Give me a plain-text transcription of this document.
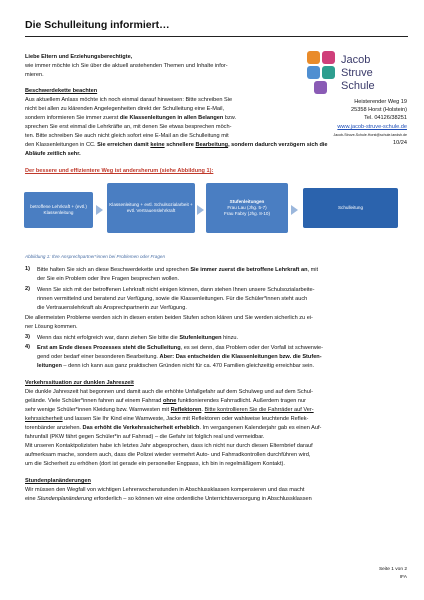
Die Schulleitung informiert…
Jacob
Struve
Schule
Heisterender Weg 19
25358 Horst (Holstein)
Tel. 04126/38251
www.jacob-struve-schule.de
Jacob-Struve-Schule.Horst@schule.landsh.de
10/24
Liebe Eltern und Erziehungsberechtigte,
wie immer möchte ich Sie über die aktuell anstehenden Themen und Inhalte infor-
mieren.
Beschwerdekette beachten
Aus aktuellem Anlass möchte ich noch einmal darauf hinweisen: Bitte schreiben Sie
nicht bei allen zu klärenden Angelegenheiten direkt der Schulleitung eine E-Mail,
sondern informieren Sie immer zuerst die Klassenleitungen in allen Belangen bzw.
sprechen Sie erst einmal die Lehrkräfte an, mit denen Sie etwas besprechen möch-
ten. Bitte schreiben Sie auch nicht gleich sofort eine E-Mail an die Schulleitung mit
den Klassenleitungen in CC. Sie erreichen damit keine schnellere Bearbeitung, sondern dadurch verzögern sich die
Abläufe zeitlich sehr.
Der bessere und effizientere Weg ist andersherum (siehe Abbildung 1):
betroffene Lehrkraft + (evtl.) Klassenleitung
Klassenleitung + evtl. Schulsozialarbeit + evtl. Vertrauenslehrkraft
Stufenleitungen
Frau Lau (Jhg. 5-7)
Frau Fabry (Jhg. 8-10)
Schulleitung
Abbildung 1: Ihre Ansprechpartner*innen bei Problemen oder Fragen
1) Bitte halten Sie sich an diese Beschwerdekette und sprechen Sie immer zuerst die betroffene Lehrkraft an, mit
der Sie ein Problem oder Ihre Fragen besprechen wollen.
2) Wenn Sie sich mit der betroffenen Lehrkraft nicht einigen können, dann stehen Ihnen unsere Schulsozialarbeite-
rinnen vermittelnd und beratend zur Verfügung, sowie die Klassenleitungen. Für die Schüler*innen steht auch
die Vertrauenslehrkraft als Ansprechpartnerin zur Verfügung.
Die allermeisten Probleme werden sich in diesen ersten beiden Stufen schon klären und Sie werden sicherlich zu ei-
ner Lösung kommen.
3) Wenn das nicht erfolgreich war, dann ziehen Sie bitte die Stufenleitungen hinzu.
4) Erst am Ende dieses Prozesses steht die Schulleitung, es sei denn, das Problem oder der Vorfall ist schwerwie-
gend oder bedarf einer besonderen Bearbeitung. Aber: Das entscheiden die Klassenleitungen bzw. die Stufen-
leitungen – denn ich kann aus ganz praktischen Gründen nicht für ca. 470 Familien gleichzeitig erreichbar sein.
Verkehrssituation zur dunklen Jahreszeit
Die dunkle Jahreszeit hat begonnen und damit auch die erhöhte Unfallgefahr auf dem Schulweg und auf dem Schul-
gelände. Viele Schüler*innen fahren auf einem Fahrrad ohne funktionierendes Fahrradlicht. Außerdem tragen nur
sehr wenige Schüler*innen Kleidung bzw. Warnwesten mit Reflektoren. Bitte kontrollieren Sie die Fahrräder auf Ver-
kehrssicherheit und lassen Sie Ihr Kind eine Warnweste, Jacke mit Reflektoren oder wahlweise leuchtende Reflek-
torenbänder anziehen. Das erhöht die Verkehrssicherheit erheblich. Im vergangenen Kalenderjahr gab es einen Auf-
fahrunfall (PKW fährt gegen Schüler*in auf Fahrrad) – die Gefahr ist folglich real und vermeidbar.
Mit unseren Kontaktpolizisten habe ich letztes Jahr abgesprochen, dass ich nicht nur durch diesen Elternbrief darauf
aufmerksam mache, sondern auch, dass die Polizei wieder vermehrt Auto- und Fahrradkontrollen durchführen wird,
um die Sicherheit zu erhöhen (dort ist gerade ein personeller Engpass, ich bin in regelmäßigem Kontakt).
Stundenplanänderungen
Wir müssen den Wegfall von wichtigen Lehrerwochenstunden in Abschlussklassen kompensieren und das macht
eine Stundenplanänderung erforderlich – so können wir eine ordentliche Unterrichtsversorgung in Abschlussklassen
Seite 1 von 2
IFA
